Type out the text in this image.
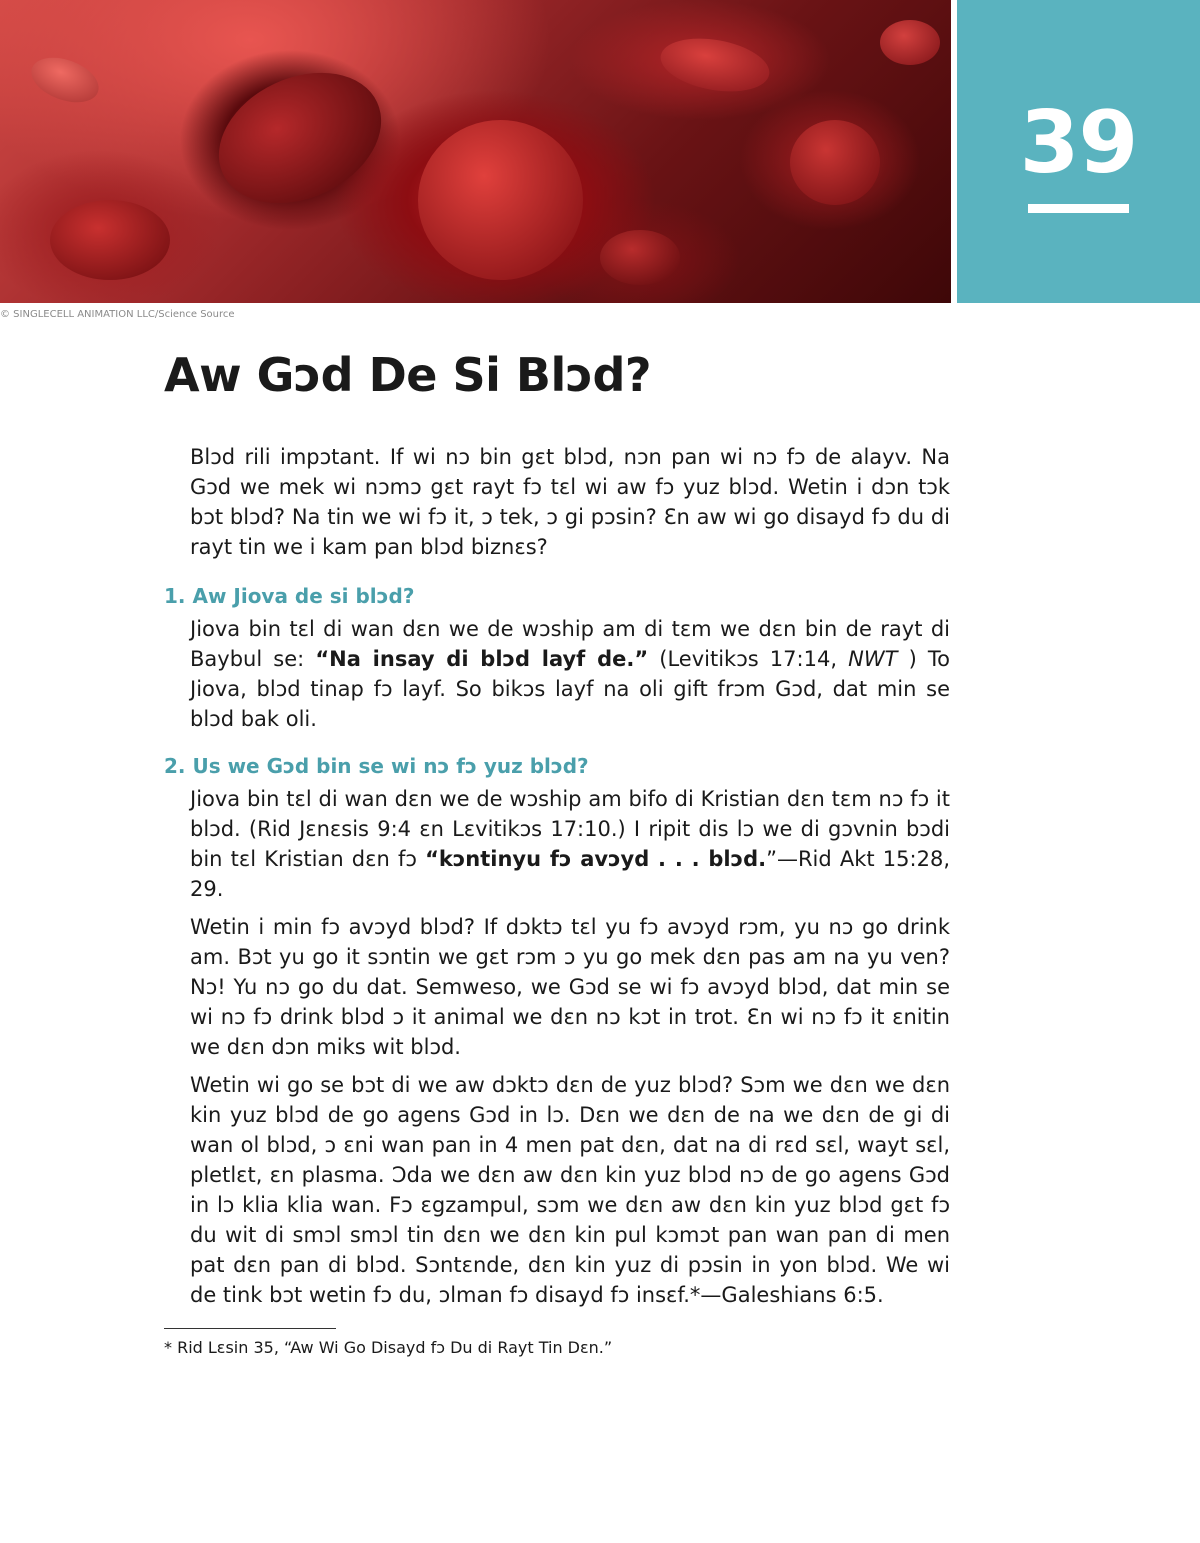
39
© SINGLECELL ANIMATION LLC/Science Source
Aw Gɔd De Si Blɔd?

Blɔd rili impɔtant. If wi nɔ bin gɛt blɔd, nɔn pan wi nɔ fɔ de alayv. Na Gɔd we mek wi nɔmɔ gɛt rayt fɔ tɛl wi aw fɔ yuz blɔd. Wetin i dɔn tɔk bɔt blɔd? Na tin we wi fɔ it, ɔ tek, ɔ gi pɔsin? Ɛn aw wi go disayd fɔ du di rayt tin we i kam pan blɔd biznɛs?

1. Aw Jiova de si blɔd?

Jiova bin tɛl di wan dɛn we de wɔship am di tɛm we dɛn bin de rayt di Baybul se: “Na insay di blɔd layf de.” (Levitikɔs 17:14, NWT ) To Jiova, blɔd tinap fɔ layf. So bikɔs layf na oli gift frɔm Gɔd, dat min se blɔd bak oli.

2. Us we Gɔd bin se wi nɔ fɔ yuz blɔd?

Jiova bin tɛl di wan dɛn we de wɔship am bifo di Kristian dɛn tɛm nɔ fɔ it blɔd. (Rid Jɛnɛsis 9:4 ɛn Lɛvitikɔs 17:10.) I ripit dis lɔ we di gɔvnin bɔdi bin tɛl Kristian dɛn fɔ “kɔntinyu fɔ avɔyd . . . blɔd.”—Rid Akt 15:28, 29.

Wetin i min fɔ avɔyd blɔd? If dɔktɔ tɛl yu fɔ avɔyd rɔm, yu nɔ go drink am. Bɔt yu go it sɔntin we gɛt rɔm ɔ yu go mek dɛn pas am na yu ven? Nɔ! Yu nɔ go du dat. Semweso, we Gɔd se wi fɔ avɔyd blɔd, dat min se wi nɔ fɔ drink blɔd ɔ it animal we dɛn nɔ kɔt in trot. Ɛn wi nɔ fɔ it ɛnitin we dɛn dɔn miks wit blɔd.

Wetin wi go se bɔt di we aw dɔktɔ dɛn de yuz blɔd? Sɔm we dɛn we dɛn kin yuz blɔd de go agens Gɔd in lɔ. Dɛn we dɛn de na we dɛn de gi di wan ol blɔd, ɔ ɛni wan pan in 4 men pat dɛn, dat na di rɛd sɛl, wayt sɛl, pletlɛt, ɛn plasma. Ɔda we dɛn aw dɛn kin yuz blɔd nɔ de go agens Gɔd in lɔ klia klia wan. Fɔ ɛgzampul, sɔm we dɛn aw dɛn kin yuz blɔd gɛt fɔ du wit di smɔl smɔl tin dɛn we dɛn kin pul kɔmɔt pan wan pan di men pat dɛn pan di blɔd. Sɔntɛnde, dɛn kin yuz di pɔsin in yon blɔd. We wi de tink bɔt wetin fɔ du, ɔlman fɔ disayd fɔ insɛf.*—Galeshians 6:5.

* Rid Lɛsin 35, “Aw Wi Go Disayd fɔ Du di Rayt Tin Dɛn.”
